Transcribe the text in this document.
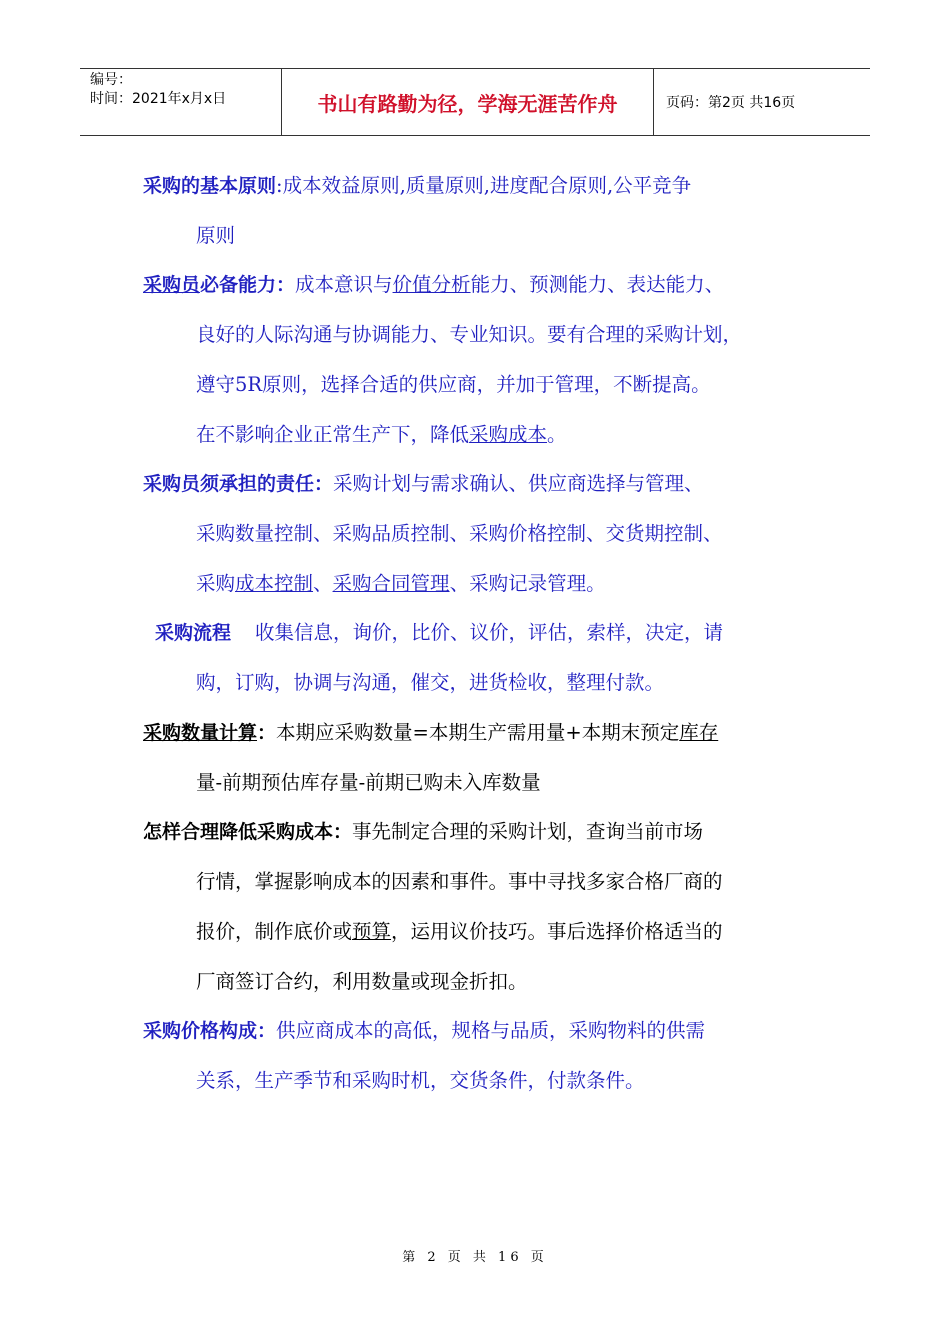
编号：
时间：2021年x月x日	书山有路勤为径，学海无涯苦作舟	页码：第2页 共16页
采购的基本原则:成本效益原则,质量原则,进度配合原则,公平竞争
原则
采购员必备能力：成本意识与价值分析能力、预测能力、表达能力、
良好的人际沟通与协调能力、专业知识。要有合理的采购计划，
遵守5R原则，选择合适的供应商，并加于管理，不断提高。
在不影响企业正常生产下，降低采购成本。
采购员须承担的责任：采购计划与需求确认、供应商选择与管理、
采购数量控制、采购品质控制、采购价格控制、交货期控制、
采购成本控制、采购合同管理、采购记录管理。
采购流程 收集信息，询价，比价、议价，评估，索样，决定，请
购，订购，协调与沟通，催交，进货检收，整理付款。
采购数量计算：本期应采购数量=本期生产需用量+本期末预定库存
量-前期预估库存量-前期已购未入库数量
怎样合理降低采购成本：事先制定合理的采购计划，查询当前市场
行情，掌握影响成本的因素和事件。事中寻找多家合格厂商的
报价，制作底价或预算，运用议价技巧。事后选择价格适当的
厂商签订合约，利用数量或现金折扣。
采购价格构成：供应商成本的高低，规格与品质，采购物料的供需
关系，生产季节和采购时机，交货条件，付款条件。
第 2 页 共 16 页
